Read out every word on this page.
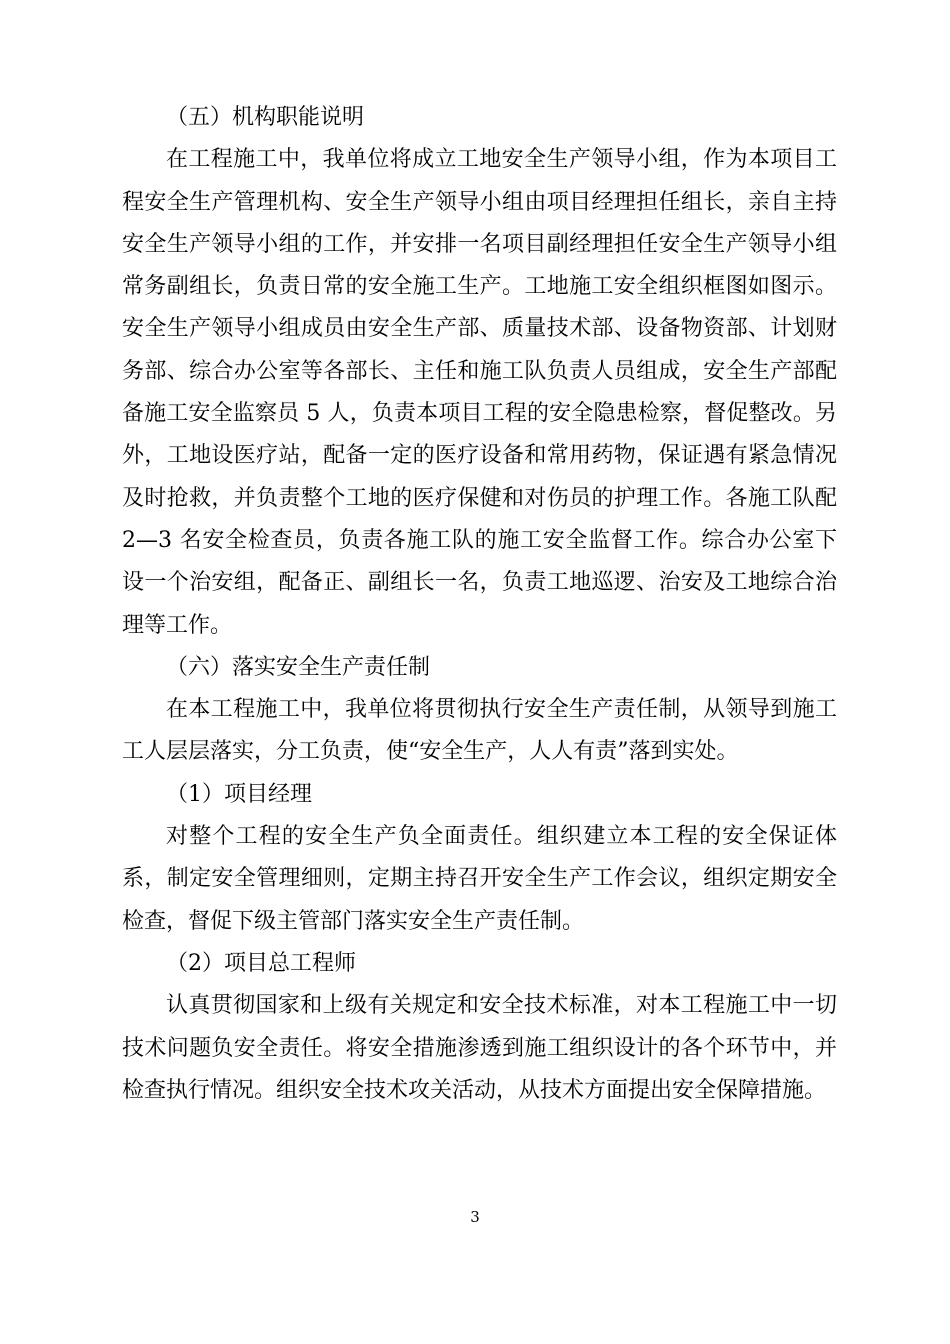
（五）机构职能说明

在工程施工中，我单位将成立工地安全生产领导小组，作为本项目工程安全生产管理机构、安全生产领导小组由项目经理担任组长，亲自主持安全生产领导小组的工作，并安排一名项目副经理担任安全生产领导小组常务副组长，负责日常的安全施工生产。工地施工安全组织框图如图示。安全生产领导小组成员由安全生产部、质量技术部、设备物资部、计划财务部、综合办公室等各部长、主任和施工队负责人员组成，安全生产部配备施工安全监察员 5 人，负责本项目工程的安全隐患检察，督促整改。另外，工地设医疗站，配备一定的医疗设备和常用药物，保证遇有紧急情况及时抢救，并负责整个工地的医疗保健和对伤员的护理工作。各施工队配 2—3 名安全检查员，负责各施工队的施工安全监督工作。综合办公室下设一个治安组，配备正、副组长一名，负责工地巡逻、治安及工地综合治理等工作。

（六）落实安全生产责任制

在本工程施工中，我单位将贯彻执行安全生产责任制，从领导到施工工人层层落实，分工负责，使“安全生产，人人有责”落到实处。

（1）项目经理

对整个工程的安全生产负全面责任。组织建立本工程的安全保证体系，制定安全管理细则，定期主持召开安全生产工作会议，组织定期安全检查，督促下级主管部门落实安全生产责任制。

（2）项目总工程师

认真贯彻国家和上级有关规定和安全技术标准，对本工程施工中一切技术问题负安全责任。将安全措施渗透到施工组织设计的各个环节中，并检查执行情况。组织安全技术攻关活动，从技术方面提出安全保障措施。

3
